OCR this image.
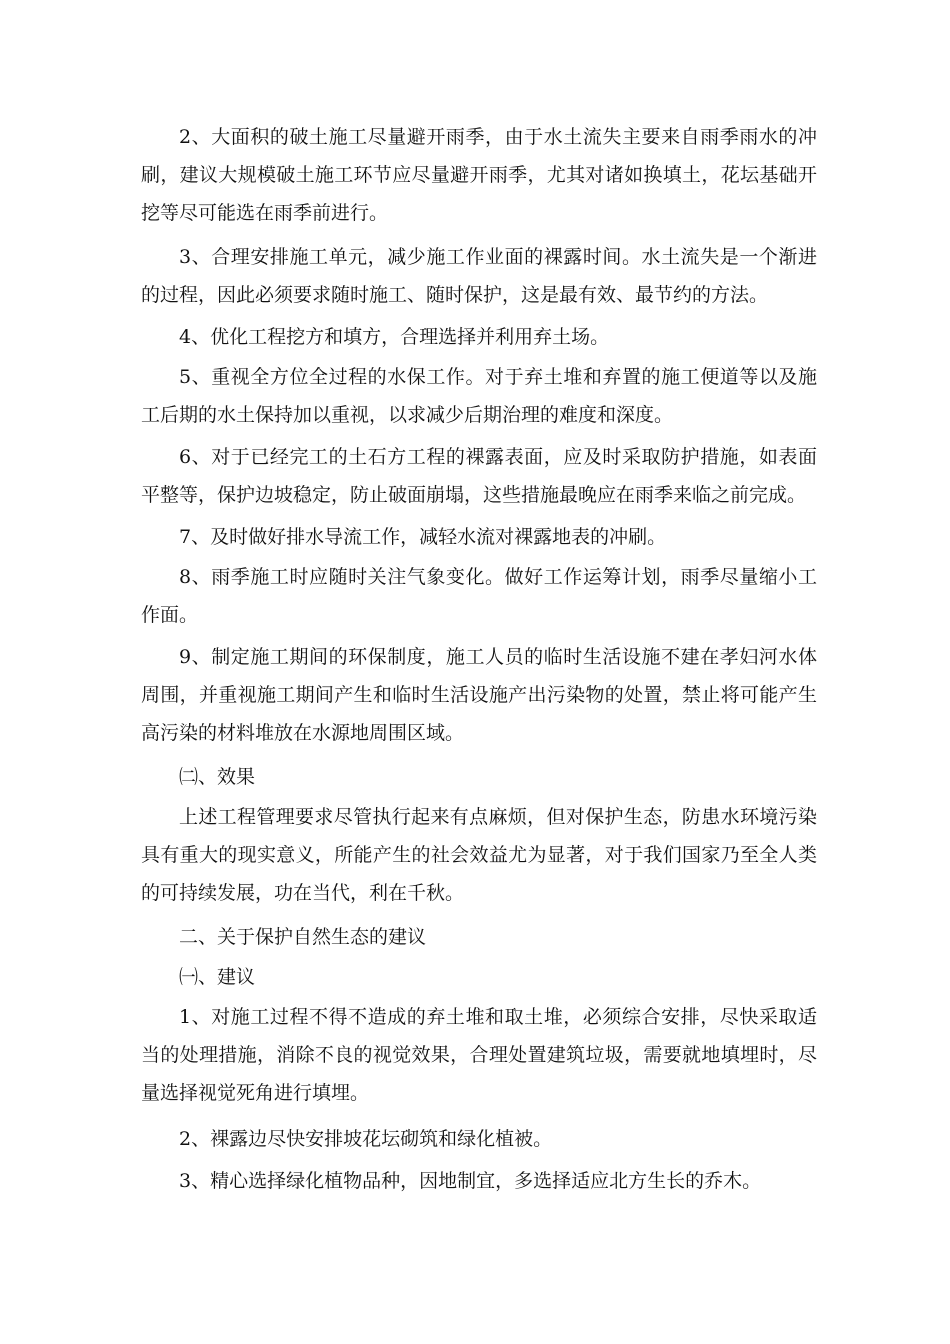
2、大面积的破土施工尽量避开雨季，由于水土流失主要来自雨季雨水的冲刷，建议大规模破土施工环节应尽量避开雨季，尤其对诸如换填土，花坛基础开挖等尽可能选在雨季前进行。

3、合理安排施工单元，减少施工作业面的裸露时间。水土流失是一个渐进的过程，因此必须要求随时施工、随时保护，这是最有效、最节约的方法。

4、优化工程挖方和填方，合理选择并利用弃土场。

5、重视全方位全过程的水保工作。对于弃土堆和弃置的施工便道等以及施工后期的水土保持加以重视，以求减少后期治理的难度和深度。

6、对于已经完工的土石方工程的裸露表面，应及时采取防护措施，如表面平整等，保护边坡稳定，防止破面崩塌，这些措施最晚应在雨季来临之前完成。

7、及时做好排水导流工作，减轻水流对裸露地表的冲刷。

8、雨季施工时应随时关注气象变化。做好工作运筹计划，雨季尽量缩小工作面。

9、制定施工期间的环保制度，施工人员的临时生活设施不建在孝妇河水体周围，并重视施工期间产生和临时生活设施产出污染物的处置，禁止将可能产生高污染的材料堆放在水源地周围区域。

㈡、效果

上述工程管理要求尽管执行起来有点麻烦，但对保护生态，防患水环境污染具有重大的现实意义，所能产生的社会效益尤为显著，对于我们国家乃至全人类的可持续发展，功在当代，利在千秋。

二、关于保护自然生态的建议

㈠、建议

1、对施工过程不得不造成的弃土堆和取土堆，必须综合安排，尽快采取适当的处理措施，消除不良的视觉效果，合理处置建筑垃圾，需要就地填埋时，尽量选择视觉死角进行填埋。

2、裸露边尽快安排坡花坛砌筑和绿化植被。

3、精心选择绿化植物品种，因地制宜，多选择适应北方生长的乔木。
